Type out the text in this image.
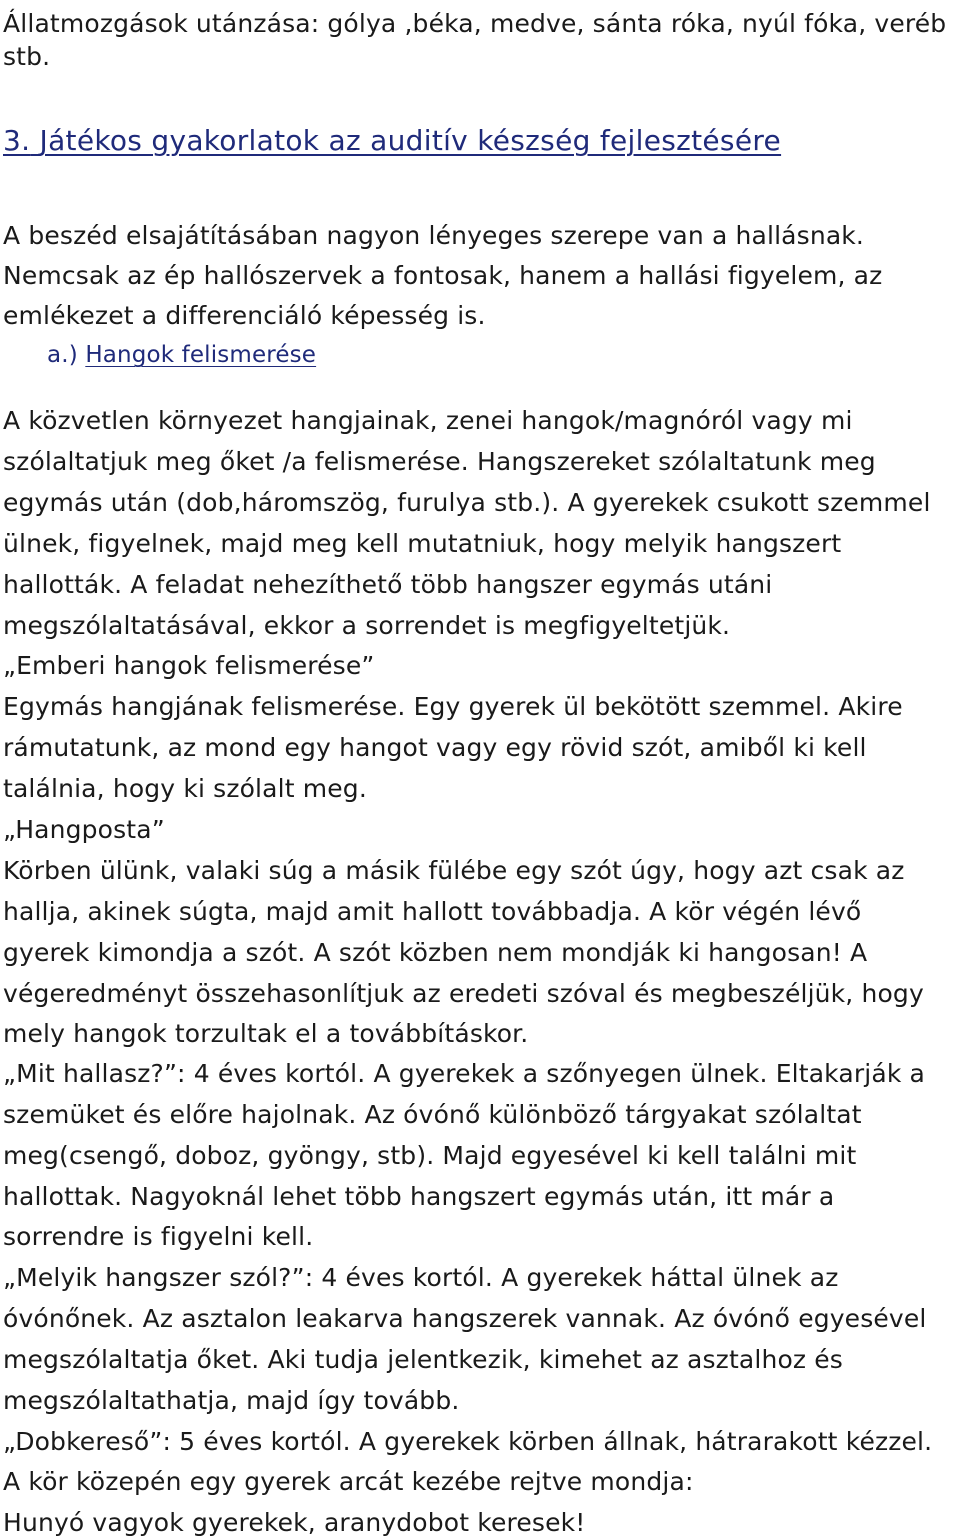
Állatmozgások utánzása: gólya ,béka, medve, sánta róka, nyúl fóka, veréb
stb.
3. Játékos gyakorlatok az auditív készség fejlesztésére
A beszéd elsajátításában nagyon lényeges szerepe van a hallásnak.
Nemcsak az ép hallószervek a fontosak, hanem a hallási figyelem, az
emlékezet a differenciáló képesség is.
a.) Hangok felismerése
A közvetlen környezet hangjainak, zenei hangok/magnóról vagy mi
szólaltatjuk meg őket /a felismerése. Hangszereket szólaltatunk meg
egymás után (dob,háromszög, furulya stb.). A gyerekek csukott szemmel
ülnek, figyelnek, majd meg kell mutatniuk, hogy melyik hangszert
hallották. A feladat nehezíthető több hangszer egymás utáni
megszólaltatásával, ekkor a sorrendet is megfigyeltetjük.
„Emberi hangok felismerése”
Egymás hangjának felismerése. Egy gyerek ül bekötött szemmel. Akire
rámutatunk, az mond egy hangot vagy egy rövid szót, amiből ki kell
találnia, hogy ki szólalt meg.
„Hangposta”
Körben ülünk, valaki súg a másik fülébe egy szót úgy, hogy azt csak az
hallja, akinek súgta, majd amit hallott továbbadja. A kör végén lévő
gyerek kimondja a szót. A szót közben nem mondják ki hangosan! A
végeredményt összehasonlítjuk az eredeti szóval és megbeszéljük, hogy
mely hangok torzultak el a továbbításkor.
„Mit hallasz?”: 4 éves kortól. A gyerekek a szőnyegen ülnek. Eltakarják a
szemüket és előre hajolnak. Az óvónő különböző tárgyakat szólaltat
meg(csengő, doboz, gyöngy, stb). Majd egyesével ki kell találni mit
hallottak. Nagyoknál lehet több hangszert egymás után, itt már a
sorrendre is figyelni kell.
„Melyik hangszer szól?”: 4 éves kortól. A gyerekek háttal ülnek az
óvónőnek. Az asztalon leakarva hangszerek vannak. Az óvónő egyesével
megszólaltatja őket. Aki tudja jelentkezik, kimehet az asztalhoz és
megszólaltathatja, majd így tovább.
„Dobkereső”: 5 éves kortól. A gyerekek körben állnak, hátrarakott kézzel.
A kör közepén egy gyerek arcát kezébe rejtve mondja:
Hunyó vagyok gyerekek, aranydobot keresek!
